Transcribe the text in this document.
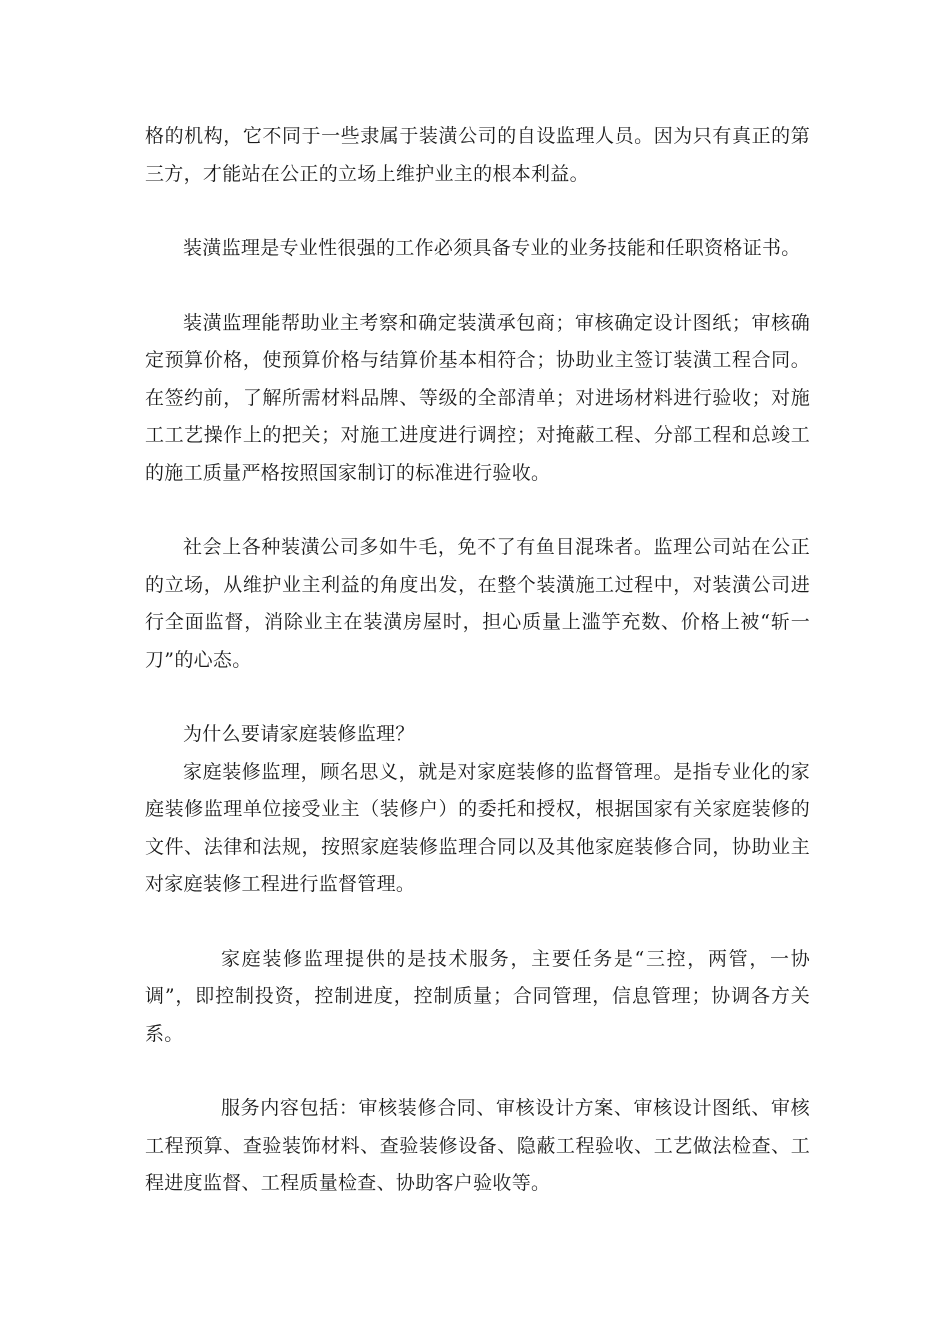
格的机构，它不同于一些隶属于装潢公司的自设监理人员。因为只有真正的第三方，才能站在公正的立场上维护业主的根本利益。

装潢监理是专业性很强的工作必须具备专业的业务技能和任职资格证书。

装潢监理能帮助业主考察和确定装潢承包商；审核确定设计图纸；审核确定预算价格，使预算价格与结算价基本相符合；协助业主签订装潢工程合同。在签约前，了解所需材料品牌、等级的全部清单；对进场材料进行验收；对施工工艺操作上的把关；对施工进度进行调控；对掩蔽工程、分部工程和总竣工的施工质量严格按照国家制订的标准进行验收。

社会上各种装潢公司多如牛毛，免不了有鱼目混珠者。监理公司站在公正的立场，从维护业主利益的角度出发，在整个装潢施工过程中，对装潢公司进行全面监督，消除业主在装潢房屋时，担心质量上滥竽充数、价格上被“斩一刀”的心态。

为什么要请家庭装修监理？

家庭装修监理，顾名思义，就是对家庭装修的监督管理。是指专业化的家庭装修监理单位接受业主（装修户）的委托和授权，根据国家有关家庭装修的文件、法律和法规，按照家庭装修监理合同以及其他家庭装修合同，协助业主对家庭装修工程进行监督管理。

家庭装修监理提供的是技术服务，主要任务是“三控，两管，一协调”，即控制投资，控制进度，控制质量；合同管理，信息管理；协调各方关系。

服务内容包括：审核装修合同、审核设计方案、审核设计图纸、审核工程预算、查验装饰材料、查验装修设备、隐蔽工程验收、工艺做法检查、工程进度监督、工程质量检查、协助客户验收等。
